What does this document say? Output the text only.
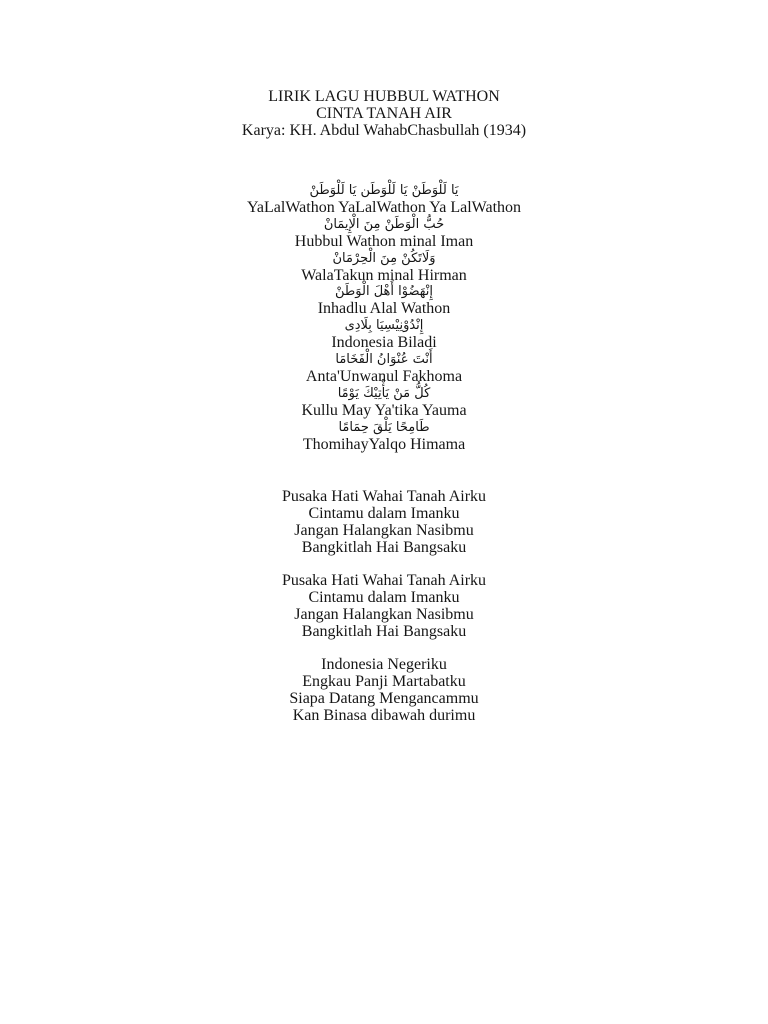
LIRIK LAGU HUBBUL WATHON
CINTA TANAH AIR
Karya: KH. Abdul WahabChasbullah (1934)
يَا لَلْوَطَنْ يَا لَلْوَطَن يَا لَلْوَطَنْ
YaLalWathon YaLalWathon Ya LalWathon
حُبُّ الْوَطَنْ مِنَ الْإِيمَانْ
Hubbul Wathon minal Iman
وَلَاتَكُنْ مِنَ الْحِرْمَانْ
WalaTakun minal Hirman
إِنْهَضُوْا أَهْلَ الْوَطَنْ
Inhadlu Alal Wathon
إِنْدُوْنِيْسِيَا بِلَادِى
Indonesia Biladi
أَنْتَ عُنْوَانُ الْفَخَامَا
Anta'Unwanul Fakhoma
كُلُّ مَنْ يَأْتِيْكَ يَوْمًا
Kullu May Ya'tika Yauma
طَامِحًا يَلْقَ حِمَامًا
ThomihayYalqo Himama
Pusaka Hati Wahai Tanah Airku
Cintamu dalam Imanku
Jangan Halangkan Nasibmu
Bangkitlah Hai Bangsaku
Pusaka Hati Wahai Tanah Airku
Cintamu dalam Imanku
Jangan Halangkan Nasibmu
Bangkitlah Hai Bangsaku
Indonesia Negeriku
Engkau Panji Martabatku
Siapa Datang Mengancammu
Kan Binasa dibawah durimu
